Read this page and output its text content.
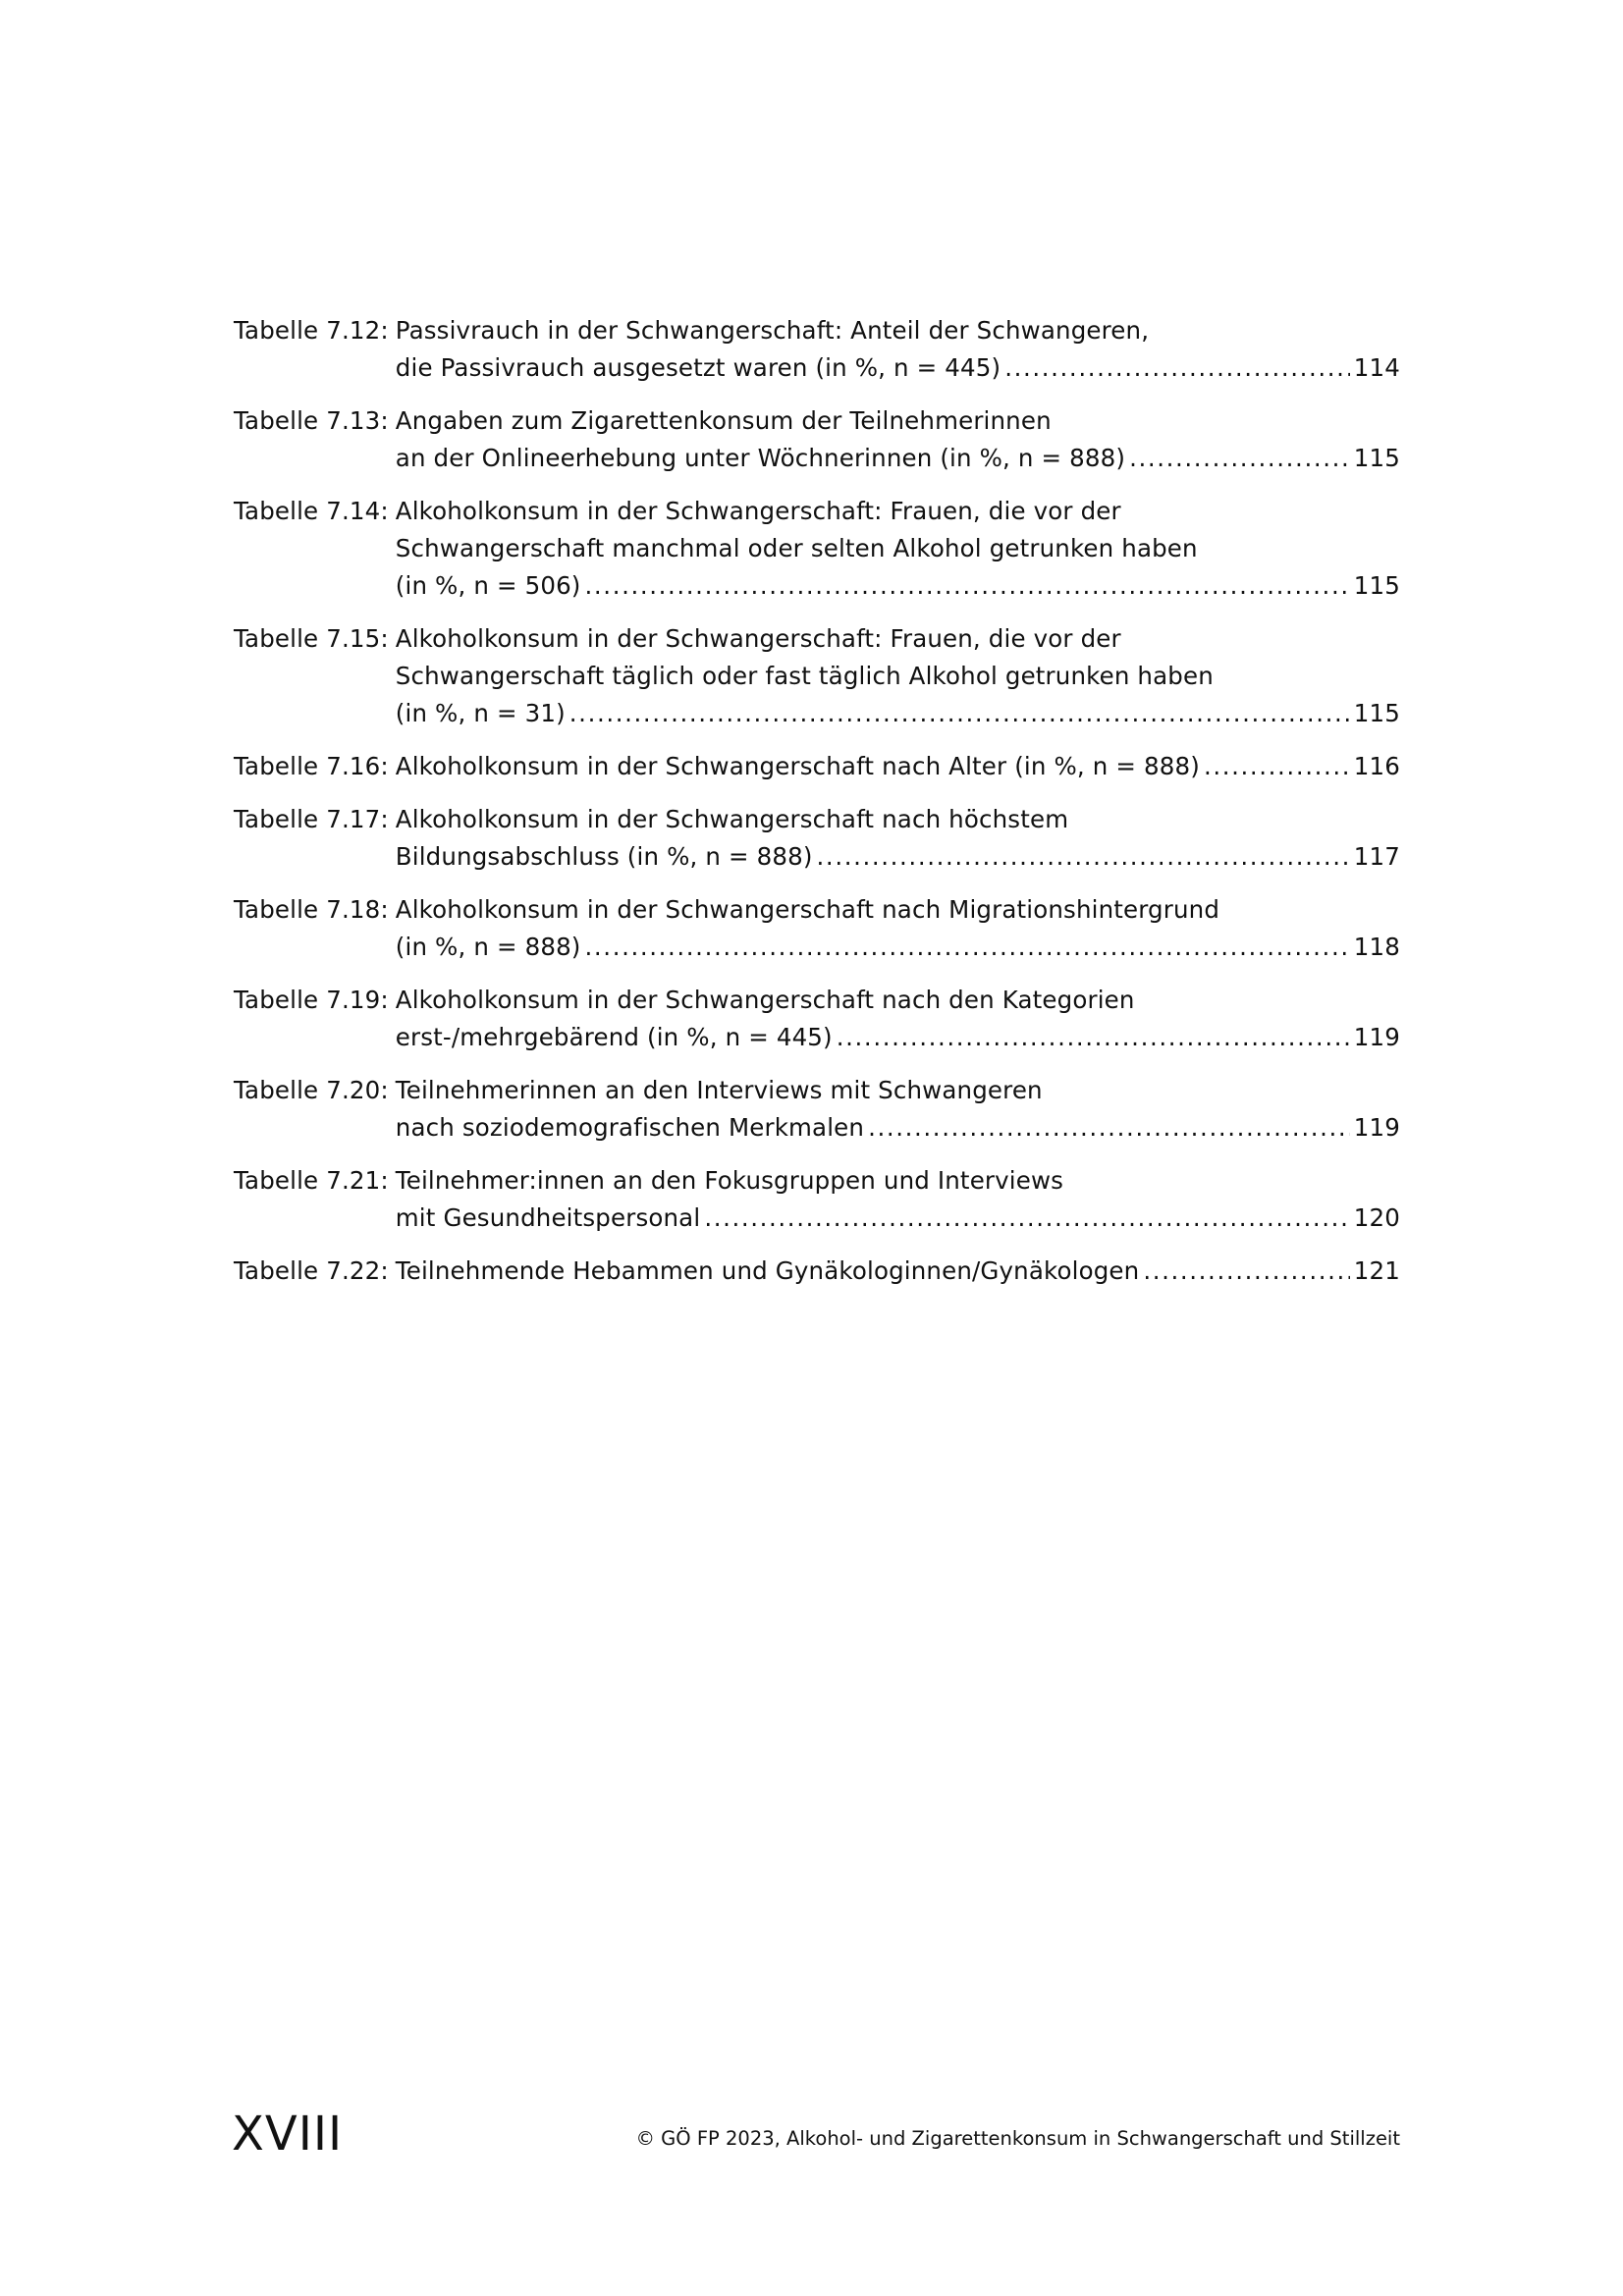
Tabelle 7.12: Passivrauch in der Schwangerschaft: Anteil der Schwangeren,
die Passivrauch ausgesetzt waren (in %, n = 445) .....	114
Tabelle 7.13: Angaben zum Zigarettenkonsum der Teilnehmerinnen
an der Onlineerhebung unter Wöchnerinnen (in %, n = 888) .....	115
Tabelle 7.14: Alkoholkonsum in der Schwangerschaft: Frauen, die vor der
Schwangerschaft manchmal oder selten Alkohol getrunken haben
(in %, n = 506) .....	115
Tabelle 7.15: Alkoholkonsum in der Schwangerschaft: Frauen, die vor der
Schwangerschaft täglich oder fast täglich Alkohol getrunken haben
(in %, n = 31) .....	115
Tabelle 7.16: Alkoholkonsum in der Schwangerschaft nach Alter (in %, n = 888) .....	116
Tabelle 7.17: Alkoholkonsum in der Schwangerschaft nach höchstem
Bildungsabschluss (in %, n = 888) .....	117
Tabelle 7.18: Alkoholkonsum in der Schwangerschaft nach Migrationshintergrund
(in %, n = 888) .....	118
Tabelle 7.19: Alkoholkonsum in der Schwangerschaft nach den Kategorien
erst-/mehrgebärend (in %, n = 445) .....	119
Tabelle 7.20: Teilnehmerinnen an den Interviews mit Schwangeren
nach soziodemografischen Merkmalen .....	119
Tabelle 7.21: Teilnehmer:innen an den Fokusgruppen und Interviews
mit Gesundheitspersonal .....	120
Tabelle 7.22: Teilnehmende Hebammen und Gynäkologinnen/Gynäkologen .....	121
XVIII	© GÖ FP 2023, Alkohol- und Zigarettenkonsum in Schwangerschaft und Stillzeit
